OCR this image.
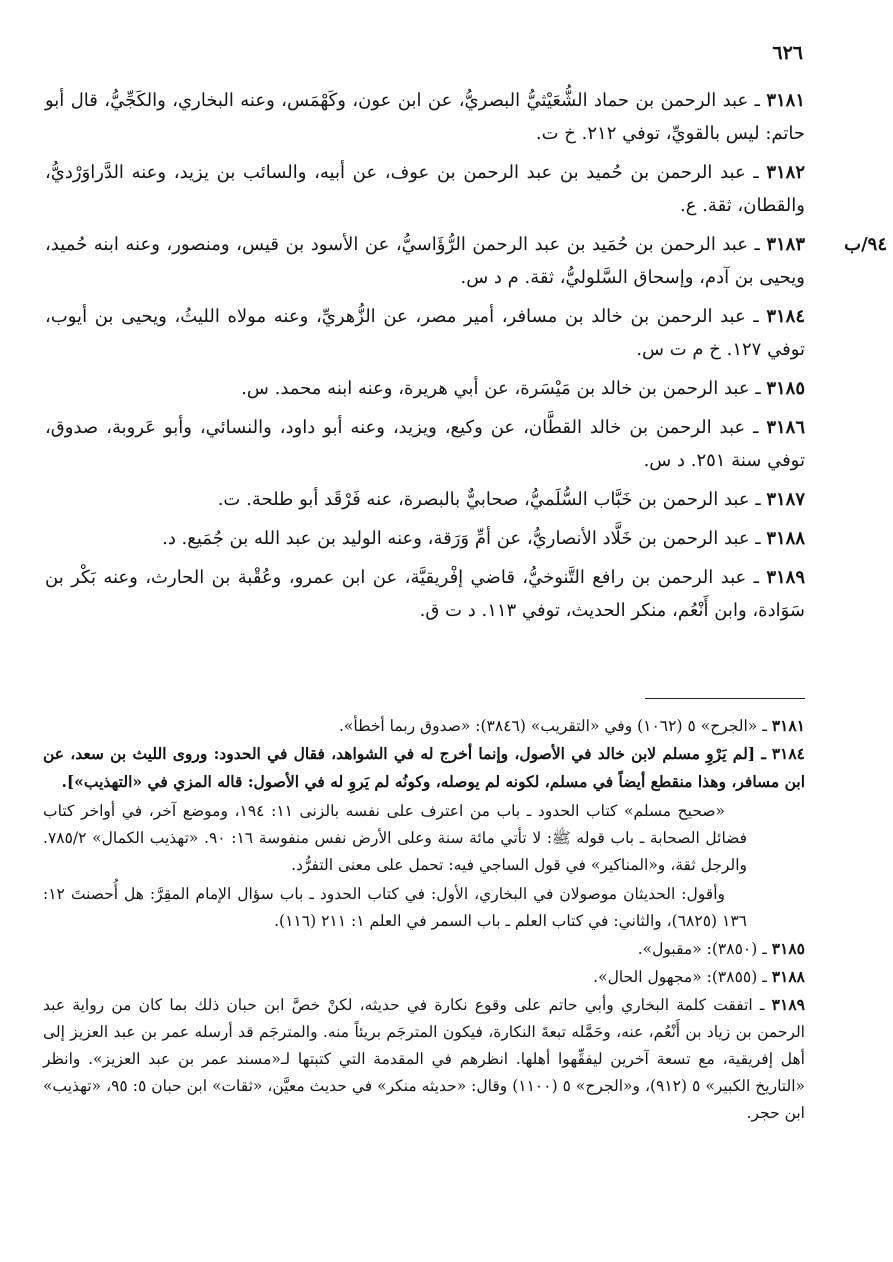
٦٢٦

٣١٨١ ـ عبد الرحمن بن حماد الشُّعَيْثيُّ البصريُّ، عن ابن عون، وكَهْمَس، وعنه البخاري، والكَجِّيُّ، قال أبو حاتم: ليس بالقويِّ، توفي ٢١٢. خ ت.

٣١٨٢ ـ عبد الرحمن بن حُميد بن عبد الرحمن بن عوف، عن أبيه، والسائب بن يزيد، وعنه الدَّراوَرْديُّ، والقطان، ثقة. ع.

٩٤/ب
٣١٨٣ ـ عبد الرحمن بن حُمَيد بن عبد الرحمن الرُّؤَاسيُّ، عن الأسود بن قيس، ومنصور، وعنه ابنه حُميد، ويحيى بن آدم، وإسحاق السَّلوليُّ، ثقة. م د س.

٣١٨٤ ـ عبد الرحمن بن خالد بن مسافر، أمير مصر، عن الزُّهريِّ، وعنه مولاه الليثُ، ويحيى بن أيوب، توفي ١٢٧. خ م ت س.

٣١٨٥ ـ عبد الرحمن بن خالد بن مَيْسَرة، عن أبي هريرة، وعنه ابنه محمد. س.

٣١٨٦ ـ عبد الرحمن بن خالد القطَّان، عن وكيع، ويزيد، وعنه أبو داود، والنسائي، وأبو عَروبة، صدوق، توفي سنة ٢٥١. د س.

٣١٨٧ ـ عبد الرحمن بن خَبَّاب السُّلَميُّ، صحابيٌّ بالبصرة، عنه فَرْقَد أبو طلحة. ت.

٣١٨٨ ـ عبد الرحمن بن خَلَّاد الأنصاريُّ، عن أمِّ وَرَقة، وعنه الوليد بن عبد الله بن جُمَيع. د.

٣١٨٩ ـ عبد الرحمن بن رافع التَّنوخيُّ، قاضي إفْريقيَّة، عن ابن عمرو، وعُقْبة بن الحارث، وعنه بَكْر بن سَوَادة، وابن أَنْعُم، منكر الحديث، توفي ١١٣. د ت ق.

٣١٨١ ـ «الجرح» ٥ (١٠٦٢) وفي «التقريب» (٣٨٤٦): «صدوق ربما أخطأ».

٣١٨٤ ـ [لم يَرْوِ مسلم لابن خالد في الأصول، وإنما أخرج له في الشواهد، فقال في الحدود: وروى الليث بن سعد، عن ابن مسافر، وهذا منقطع أيضاً في مسلم، لكونه لم يوصله، وكونُه لم يَروِ له في الأصول: قاله المزي في «التهذيب»].

«صحيح مسلم» كتاب الحدود ـ باب من اعترف على نفسه بالزنى ١١: ١٩٤، وموضع آخر، في أواخر كتاب فضائل الصحابة ـ باب قوله ﷺ: لا تأتي مائة سنة وعلى الأرض نفس منفوسة ١٦: ٩٠. «تهذيب الكمال» ٧٨٥/٢. والرجل ثقة، و«المناكير» في قول الساجي فيه: تحمل على معنى التفرُّد.

وأقول: الحديثان موصولان في البخاري، الأول: في كتاب الحدود ـ باب سؤال الإمام المقِرَّ: هل أُحصنتَ ١٢: ١٣٦ (٦٨٢٥)، والثاني: في كتاب العلم ـ باب السمر في العلم ١: ٢١١ (١١٦).

٣١٨٥ ـ (٣٨٥٠): «مقبول».

٣١٨٨ ـ (٣٨٥٥): «مجهول الحال».

٣١٨٩ ـ اتفقت كلمة البخاري وأبي حاتم على وقوع نكارة في حديثه، لكنْ خصَّ ابن حبان ذلك بما كان من رواية عبد الرحمن بن زياد بن أَنْعُم، عنه، وحَمَّله تبعةَ النكارة، فيكون المترجَم بريئاً منه. والمترجَم قد أرسله عمر بن عبد العزيز إلى أهل إفريقية، مع تسعة آخرين ليفقِّهوا أهلها. انظرهم في المقدمة التي كتبتها لـ«مسند عمر بن عبد العزيز». وانظر «التاريخ الكبير» ٥ (٩١٢)، و«الجرح» ٥ (١١٠٠) وقال: «حديثه منكر» في حديث معيَّن، «ثقات» ابن حبان ٥: ٩٥، «تهذيب» ابن حجر.
